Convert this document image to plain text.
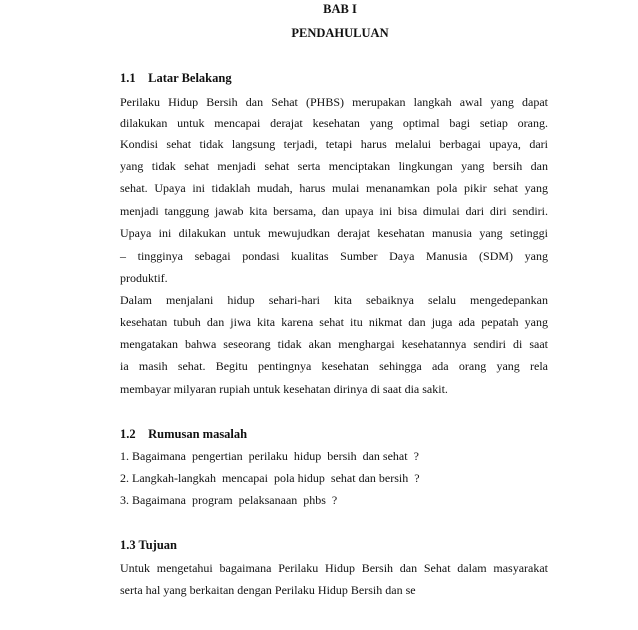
BAB I
PENDAHULUAN
1.1    Latar Belakang
Perilaku Hidup Bersih dan Sehat (PHBS) merupakan langkah awal yang dapat
dilakukan untuk mencapai derajat kesehatan yang optimal bagi setiap orang.
Kondisi sehat tidak langsung terjadi, tetapi harus melalui berbagai upaya, dari
yang tidak sehat menjadi sehat serta menciptakan lingkungan yang bersih dan
sehat. Upaya ini tidaklah mudah, harus mulai menanamkan pola pikir sehat yang
menjadi tanggung jawab kita bersama, dan upaya ini bisa dimulai dari diri sendiri.
Upaya ini dilakukan untuk mewujudkan derajat kesehatan manusia yang setinggi
– tingginya sebagai pondasi kualitas Sumber Daya Manusia (SDM) yang
produktif.
Dalam menjalani hidup sehari-hari kita sebaiknya selalu mengedepankan
kesehatan tubuh dan jiwa kita karena sehat itu nikmat dan juga ada pepatah yang
mengatakan bahwa seseorang tidak akan menghargai kesehatannya sendiri di saat
ia masih sehat. Begitu pentingnya kesehatan sehingga ada orang yang rela
membayar milyaran rupiah untuk kesehatan dirinya di saat dia sakit.
1.2    Rumusan masalah
1. Bagaimana  pengertian  perilaku  hidup  bersih  dan sehat  ?
2. Langkah-langkah  mencapai  pola hidup  sehat dan bersih  ?
3. Bagaimana  program  pelaksanaan  phbs  ?
1.3 Tujuan
Untuk mengetahui bagaimana Perilaku Hidup Bersih dan Sehat dalam masyarakat
serta hal yang berkaitan dengan Perilaku Hidup Bersih dan se
